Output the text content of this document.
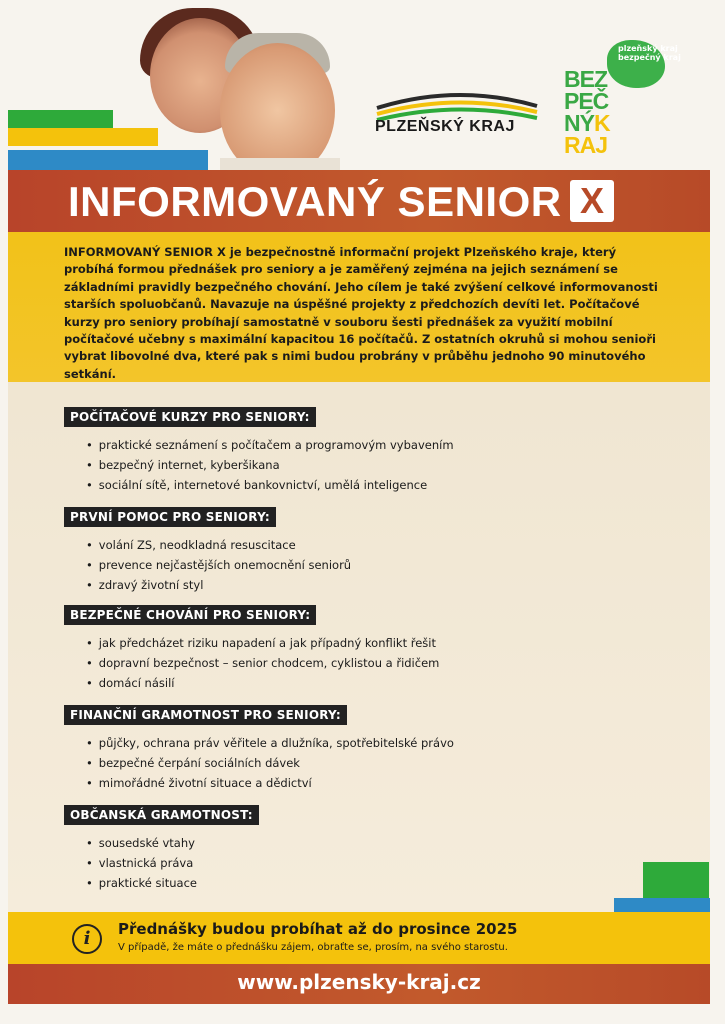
PLZEŇSKÝ KRAJ
plzeňský kraj
bezpečný kraj
BEZ
PEČ
NÝK
RAJ
INFORMOVANÝ SENIOR X

INFORMOVANÝ SENIOR X je bezpečnostně informační projekt Plzeňského kraje, který probíhá formou přednášek pro seniory a je zaměřený zejména na jejich seznámení se základními pravidly bezpečného chování. Jeho cílem je také zvýšení celkové informovanosti starších spoluobčanů. Navazuje na úspěšné projekty z předchozích devíti let. Počítačové kurzy pro seniory probíhají samostatně v souboru šesti přednášek za využití mobilní počítačové učebny s maximální kapacitou 16 počítačů. Z ostatních okruhů si mohou senioři vybrat libovolné dva, které pak s nimi budou probrány v průběhu jednoho 90 minutového setkání.

POČÍTAČOVÉ KURZY PRO SENIORY:
• praktické seznámení s počítačem a programovým vybavením
• bezpečný internet, kyberšikana
• sociální sítě, internetové bankovnictví, umělá inteligence
PRVNÍ POMOC PRO SENIORY:
• volání ZS, neodkladná resuscitace
• prevence nejčastějších onemocnění seniorů
• zdravý životní styl
BEZPEČNÉ CHOVÁNÍ PRO SENIORY:
• jak předcházet riziku napadení a jak případný konflikt řešit
• dopravní bezpečnost – senior chodcem, cyklistou a řidičem
• domácí násilí
FINANČNÍ GRAMOTNOST PRO SENIORY:
• půjčky, ochrana práv věřitele a dlužníka, spotřebitelské právo
• bezpečné čerpání sociálních dávek
• mimořádné životní situace a dědictví
OBČANSKÁ GRAMOTNOST:
• sousedské vtahy
• vlastnická práva
• praktické situace
i	Přednášky budou probíhat až do prosince 2025
V případě, že máte o přednášku zájem, obraťte se, prosím, na svého starostu.
www.plzensky-kraj.cz
